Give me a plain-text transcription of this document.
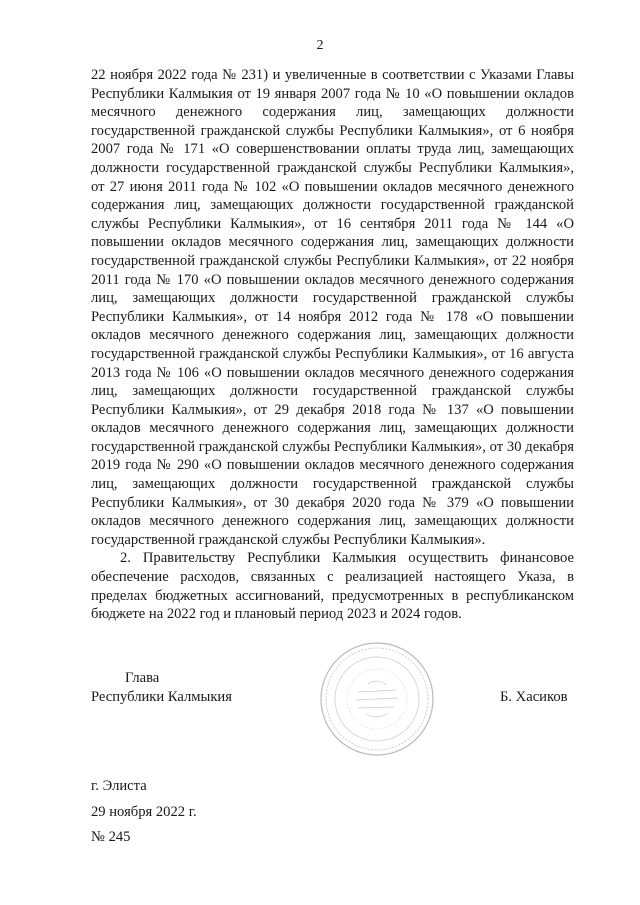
2

22 ноября 2022 года № 231) и увеличенные в соответствии с Указами Главы Республики Калмыкия от 19 января 2007 года № 10 «О повышении окладов месячного денежного содержания лиц, замещающих должности государственной гражданской службы Республики Калмыкия», от 6 ноября 2007 года № 171 «О совершенствовании оплаты труда лиц, замещающих должности государственной гражданской службы Республики Калмыкия», от 27 июня 2011 года № 102 «О повышении окладов месячного денежного содержания лиц, замещающих должности государственной гражданской службы Республики Калмыкия», от 16 сентября 2011 года № 144 «О повышении окладов месячного содержания лиц, замещающих должности государственной гражданской службы Республики Калмыкия», от 22 ноября 2011 года № 170 «О повышении окладов месячного денежного содержания лиц, замещающих должности государственной гражданской службы Республики Калмыкия», от 14 ноября 2012 года № 178 «О повышении окладов месячного денежного содержания лиц, замещающих должности государственной гражданской службы Республики Калмыкия», от 16 августа 2013 года № 106 «О повышении окладов месячного денежного содержания лиц, замещающих должности государственной гражданской службы Республики Калмыкия», от 29 декабря 2018 года № 137 «О повышении окладов месячного денежного содержания лиц, замещающих должности государственной гражданской службы Республики Калмыкия», от 30 декабря 2019 года № 290 «О повышении окладов месячного денежного содержания лиц, замещающих должности государственной гражданской службы Республики Калмыкия», от 30 декабря 2020 года № 379 «О повышении окладов месячного денежного содержания лиц, замещающих должности государственной гражданской службы Республики Калмыкия».

2. Правительству Республики Калмыкия осуществить финансовое обеспечение расходов, связанных с реализацией настоящего Указа, в пределах бюджетных ассигнований, предусмотренных в республиканском бюджете на 2022 год и плановый период 2023 и 2024 годов.

Глава
Республики Калмыкия	Б. Хасиков
г. Элиста
29 ноября 2022 г.
№ 245
